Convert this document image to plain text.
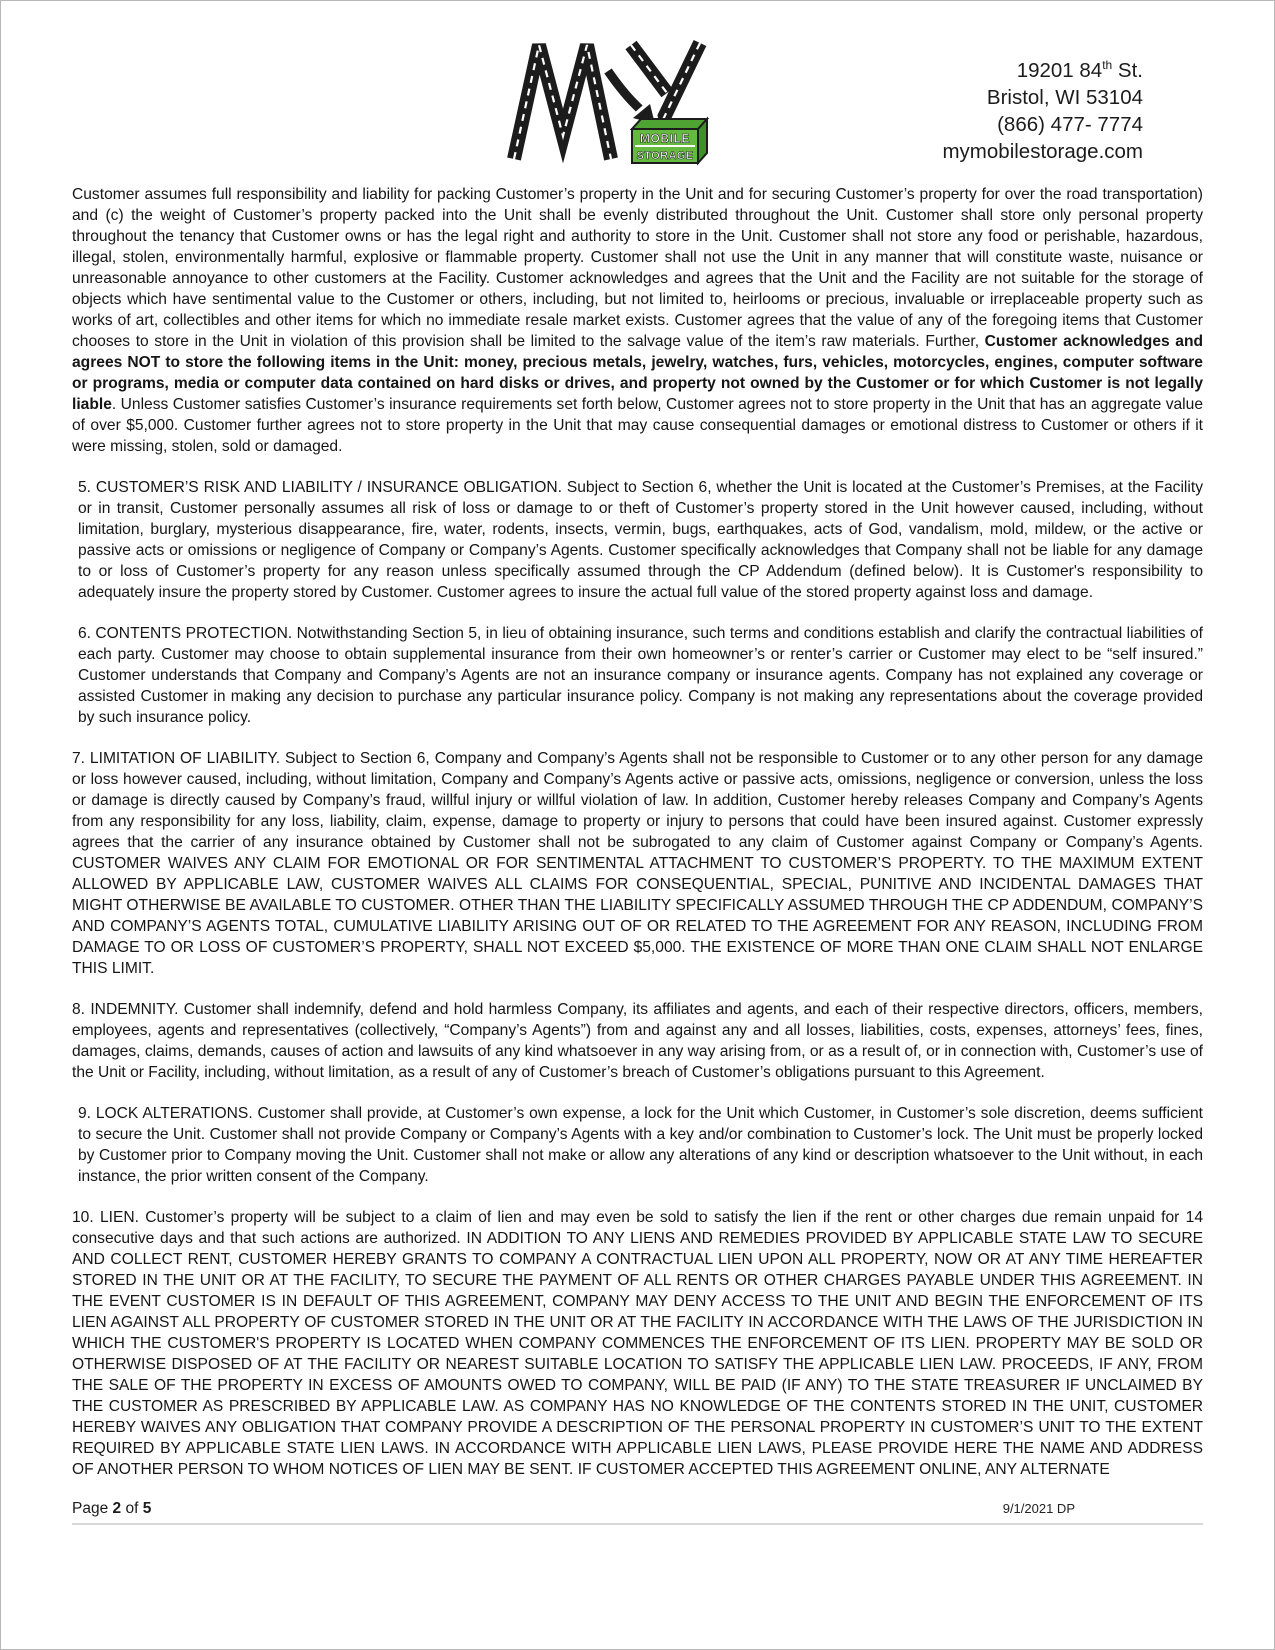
MOBILE
STORAGE
19201 84th St.
Bristol, WI 53104
(866) 477- 7774
mymobilestorage.com

Customer assumes full responsibility and liability for packing Customer’s property in the Unit and for securing Customer’s property for over the road transportation) and (c) the weight of Customer’s property packed into the Unit shall be evenly distributed throughout the Unit. Customer shall store only personal property throughout the tenancy that Customer owns or has the legal right and authority to store in the Unit. Customer shall not store any food or perishable, hazardous, illegal, stolen, environmentally harmful, explosive or flammable property. Customer shall not use the Unit in any manner that will constitute waste, nuisance or unreasonable annoyance to other customers at the Facility. Customer acknowledges and agrees that the Unit and the Facility are not suitable for the storage of objects which have sentimental value to the Customer or others, including, but not limited to, heirlooms or precious, invaluable or irreplaceable property such as works of art, collectibles and other items for which no immediate resale market exists. Customer agrees that the value of any of the foregoing items that Customer chooses to store in the Unit in violation of this provision shall be limited to the salvage value of the item’s raw materials. Further, Customer acknowledges and agrees NOT to store the following items in the Unit: money, precious metals, jewelry, watches, furs, vehicles, motorcycles, engines, computer software or programs, media or computer data contained on hard disks or drives, and property not owned by the Customer or for which Customer is not legally liable. Unless Customer satisfies Customer’s insurance requirements set forth below, Customer agrees not to store property in the Unit that has an aggregate value of over $5,000. Customer further agrees not to store property in the Unit that may cause consequential damages or emotional distress to Customer or others if it were missing, stolen, sold or damaged.

5. CUSTOMER’S RISK AND LIABILITY / INSURANCE OBLIGATION. Subject to Section 6, whether the Unit is located at the Customer’s Premises, at the Facility or in transit, Customer personally assumes all risk of loss or damage to or theft of Customer’s property stored in the Unit however caused, including, without limitation, burglary, mysterious disappearance, fire, water, rodents, insects, vermin, bugs, earthquakes, acts of God, vandalism, mold, mildew, or the active or passive acts or omissions or negligence of Company or Company’s Agents. Customer specifically acknowledges that Company shall not be liable for any damage to or loss of Customer’s property for any reason unless specifically assumed through the CP Addendum (defined below). It is Customer's responsibility to adequately insure the property stored by Customer. Customer agrees to insure the actual full value of the stored property against loss and damage.

6. CONTENTS PROTECTION. Notwithstanding Section 5, in lieu of obtaining insurance, such terms and conditions establish and clarify the contractual liabilities of each party. Customer may choose to obtain supplemental insurance from their own homeowner’s or renter’s carrier or Customer may elect to be “self insured.” Customer understands that Company and Company’s Agents are not an insurance company or insurance agents. Company has not explained any coverage or assisted Customer in making any decision to purchase any particular insurance policy. Company is not making any representations about the coverage provided by such insurance policy.

7. LIMITATION OF LIABILITY. Subject to Section 6, Company and Company’s Agents shall not be responsible to Customer or to any other person for any damage or loss however caused, including, without limitation, Company and Company’s Agents active or passive acts, omissions, negligence or conversion, unless the loss or damage is directly caused by Company’s fraud, willful injury or willful violation of law. In addition, Customer hereby releases Company and Company’s Agents from any responsibility for any loss, liability, claim, expense, damage to property or injury to persons that could have been insured against. Customer expressly agrees that the carrier of any insurance obtained by Customer shall not be subrogated to any claim of Customer against Company or Company’s Agents. CUSTOMER WAIVES ANY CLAIM FOR EMOTIONAL OR FOR SENTIMENTAL ATTACHMENT TO CUSTOMER’S PROPERTY. TO THE MAXIMUM EXTENT ALLOWED BY APPLICABLE LAW, CUSTOMER WAIVES ALL CLAIMS FOR CONSEQUENTIAL, SPECIAL, PUNITIVE AND INCIDENTAL DAMAGES THAT MIGHT OTHERWISE BE AVAILABLE TO CUSTOMER. OTHER THAN THE LIABILITY SPECIFICALLY ASSUMED THROUGH THE CP ADDENDUM, COMPANY’S AND COMPANY’S AGENTS TOTAL, CUMULATIVE LIABILITY ARISING OUT OF OR RELATED TO THE AGREEMENT FOR ANY REASON, INCLUDING FROM DAMAGE TO OR LOSS OF CUSTOMER’S PROPERTY, SHALL NOT EXCEED $5,000. THE EXISTENCE OF MORE THAN ONE CLAIM SHALL NOT ENLARGE THIS LIMIT.

8. INDEMNITY. Customer shall indemnify, defend and hold harmless Company, its affiliates and agents, and each of their respective directors, officers, members, employees, agents and representatives (collectively, “Company’s Agents”) from and against any and all losses, liabilities, costs, expenses, attorneys’ fees, fines, damages, claims, demands, causes of action and lawsuits of any kind whatsoever in any way arising from, or as a result of, or in connection with, Customer’s use of the Unit or Facility, including, without limitation, as a result of any of Customer’s breach of Customer’s obligations pursuant to this Agreement.

9. LOCK ALTERATIONS. Customer shall provide, at Customer’s own expense, a lock for the Unit which Customer, in Customer’s sole discretion, deems sufficient to secure the Unit. Customer shall not provide Company or Company’s Agents with a key and/or combination to Customer’s lock. The Unit must be properly locked by Customer prior to Company moving the Unit. Customer shall not make or allow any alterations of any kind or description whatsoever to the Unit without, in each instance, the prior written consent of the Company.

10. LIEN. Customer’s property will be subject to a claim of lien and may even be sold to satisfy the lien if the rent or other charges due remain unpaid for 14 consecutive days and that such actions are authorized. IN ADDITION TO ANY LIENS AND REMEDIES PROVIDED BY APPLICABLE STATE LAW TO SECURE AND COLLECT RENT, CUSTOMER HEREBY GRANTS TO COMPANY A CONTRACTUAL LIEN UPON ALL PROPERTY, NOW OR AT ANY TIME HEREAFTER STORED IN THE UNIT OR AT THE FACILITY, TO SECURE THE PAYMENT OF ALL RENTS OR OTHER CHARGES PAYABLE UNDER THIS AGREEMENT. IN THE EVENT CUSTOMER IS IN DEFAULT OF THIS AGREEMENT, COMPANY MAY DENY ACCESS TO THE UNIT AND BEGIN THE ENFORCEMENT OF ITS LIEN AGAINST ALL PROPERTY OF CUSTOMER STORED IN THE UNIT OR AT THE FACILITY IN ACCORDANCE WITH THE LAWS OF THE JURISDICTION IN WHICH THE CUSTOMER'S PROPERTY IS LOCATED WHEN COMPANY COMMENCES THE ENFORCEMENT OF ITS LIEN. PROPERTY MAY BE SOLD OR OTHERWISE DISPOSED OF AT THE FACILITY OR NEAREST SUITABLE LOCATION TO SATISFY THE APPLICABLE LIEN LAW. PROCEEDS, IF ANY, FROM THE SALE OF THE PROPERTY IN EXCESS OF AMOUNTS OWED TO COMPANY, WILL BE PAID (IF ANY) TO THE STATE TREASURER IF UNCLAIMED BY THE CUSTOMER AS PRESCRIBED BY APPLICABLE LAW. AS COMPANY HAS NO KNOWLEDGE OF THE CONTENTS STORED IN THE UNIT, CUSTOMER HEREBY WAIVES ANY OBLIGATION THAT COMPANY PROVIDE A DESCRIPTION OF THE PERSONAL PROPERTY IN CUSTOMER’S UNIT TO THE EXTENT REQUIRED BY APPLICABLE STATE LIEN LAWS. IN ACCORDANCE WITH APPLICABLE LIEN LAWS, PLEASE PROVIDE HERE THE NAME AND ADDRESS OF ANOTHER PERSON TO WHOM NOTICES OF LIEN MAY BE SENT. IF CUSTOMER ACCEPTED THIS AGREEMENT ONLINE, ANY ALTERNATE

Page 2 of 5	9/1/2021 DP
